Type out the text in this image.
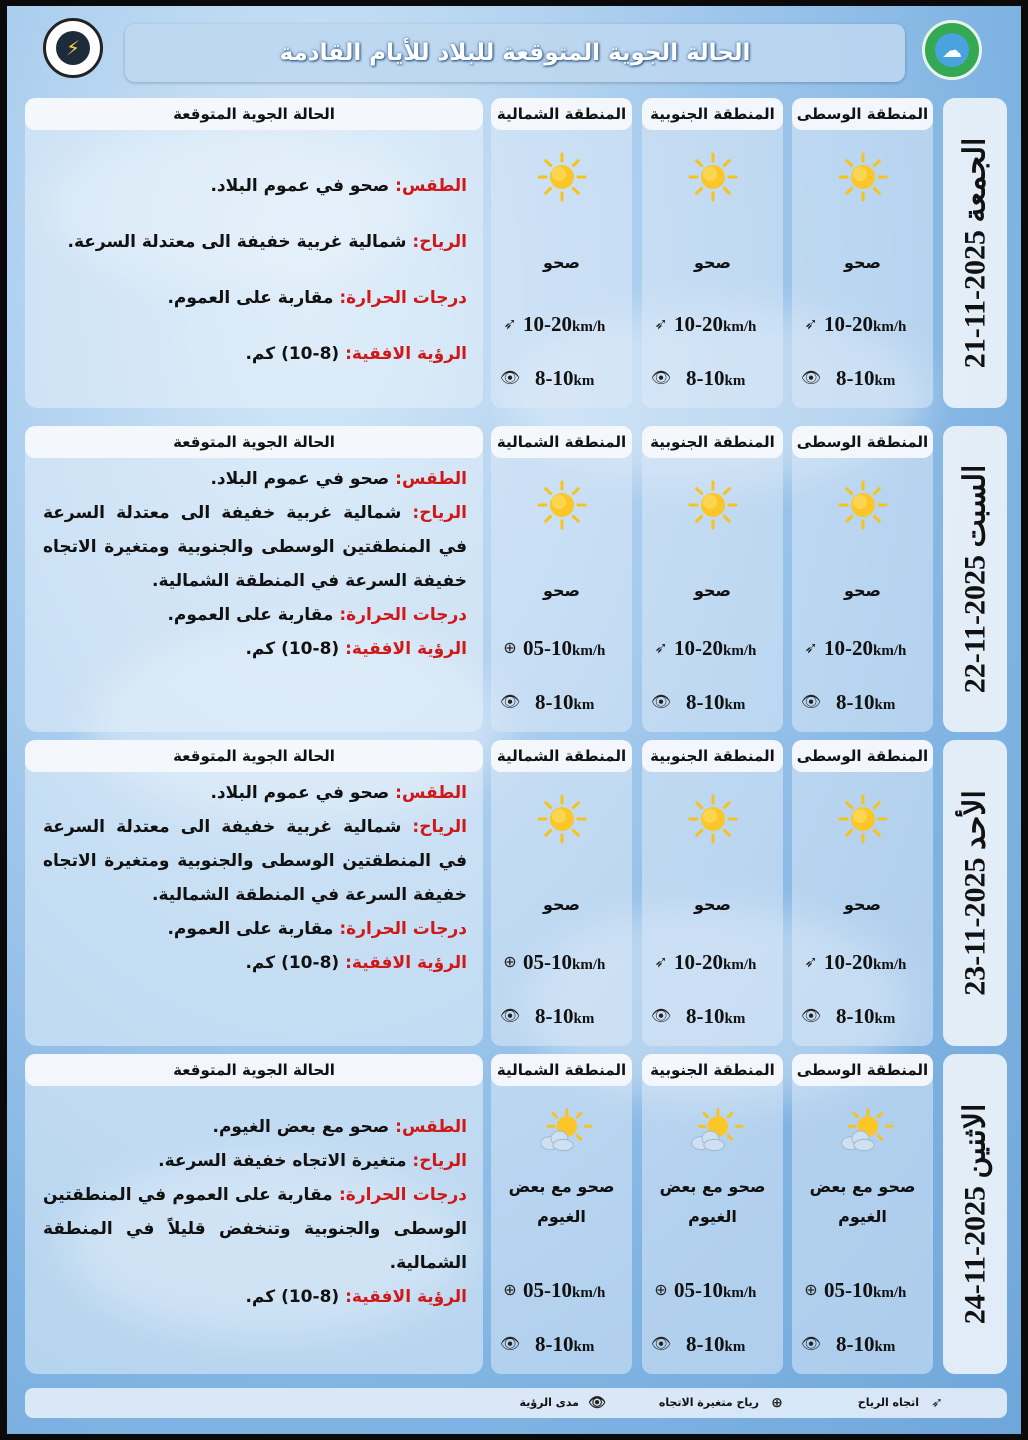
⚡	الحالة الجوية المتوقعة للبلاد للأيام القادمة	☁
الجمعة 2025-11-21
المنطقة الوسطى
صحو
➶ 10-20km/h
👁 8-10km
المنطقة الجنوبية
صحو
➶ 10-20km/h
👁 8-10km
المنطقة الشمالية
صحو
➶ 10-20km/h
👁 8-10km
الحالة الجوية المتوقعة
الطقس: صحو في عموم البلاد.
الرياح: شمالية غربية خفيفة الى معتدلة السرعة.
درجات الحرارة: مقاربة على العموم.
الرؤية الافقية: (8-10) كم.
السبت 2025-11-22
المنطقة الوسطى
صحو
➶ 10-20km/h
👁 8-10km
المنطقة الجنوبية
صحو
➶ 10-20km/h
👁 8-10km
المنطقة الشمالية
صحو
⊕ 05-10km/h
👁 8-10km
الحالة الجوية المتوقعة
الطقس: صحو في عموم البلاد.
الرياح: شمالية غربية خفيفة الى معتدلة السرعة في المنطقتين الوسطى والجنوبية ومتغيرة الاتجاه خفيفة السرعة في المنطقة الشمالية.
درجات الحرارة: مقاربة على العموم.
الرؤية الافقية: (8-10) كم.
الأحد 2025-11-23
المنطقة الوسطى
صحو
➶ 10-20km/h
👁 8-10km
المنطقة الجنوبية
صحو
➶ 10-20km/h
👁 8-10km
المنطقة الشمالية
صحو
⊕ 05-10km/h
👁 8-10km
الحالة الجوية المتوقعة
الطقس: صحو في عموم البلاد.
الرياح: شمالية غربية خفيفة الى معتدلة السرعة في المنطقتين الوسطى والجنوبية ومتغيرة الاتجاه خفيفة السرعة في المنطقة الشمالية.
درجات الحرارة: مقاربة على العموم.
الرؤية الافقية: (8-10) كم.
الاثنين 2025-11-24
المنطقة الوسطى
صحو مع بعض الغيوم
⊕ 05-10km/h
👁 8-10km
المنطقة الجنوبية
صحو مع بعض الغيوم
⊕ 05-10km/h
👁 8-10km
المنطقة الشمالية
صحو مع بعض الغيوم
⊕ 05-10km/h
👁 8-10km
الحالة الجوية المتوقعة
الطقس: صحو مع بعض الغيوم.
الرياح: متغيرة الاتجاه خفيفة السرعة.
درجات الحرارة: مقاربة على العموم في المنطقتين الوسطى والجنوبية وتنخفض قليلاً في المنطقة الشمالية.
الرؤية الافقية: (8-10) كم.
➶
اتجاه الرياح
⊕
رياح متغيرة الاتجاه
👁
مدى الرؤية
